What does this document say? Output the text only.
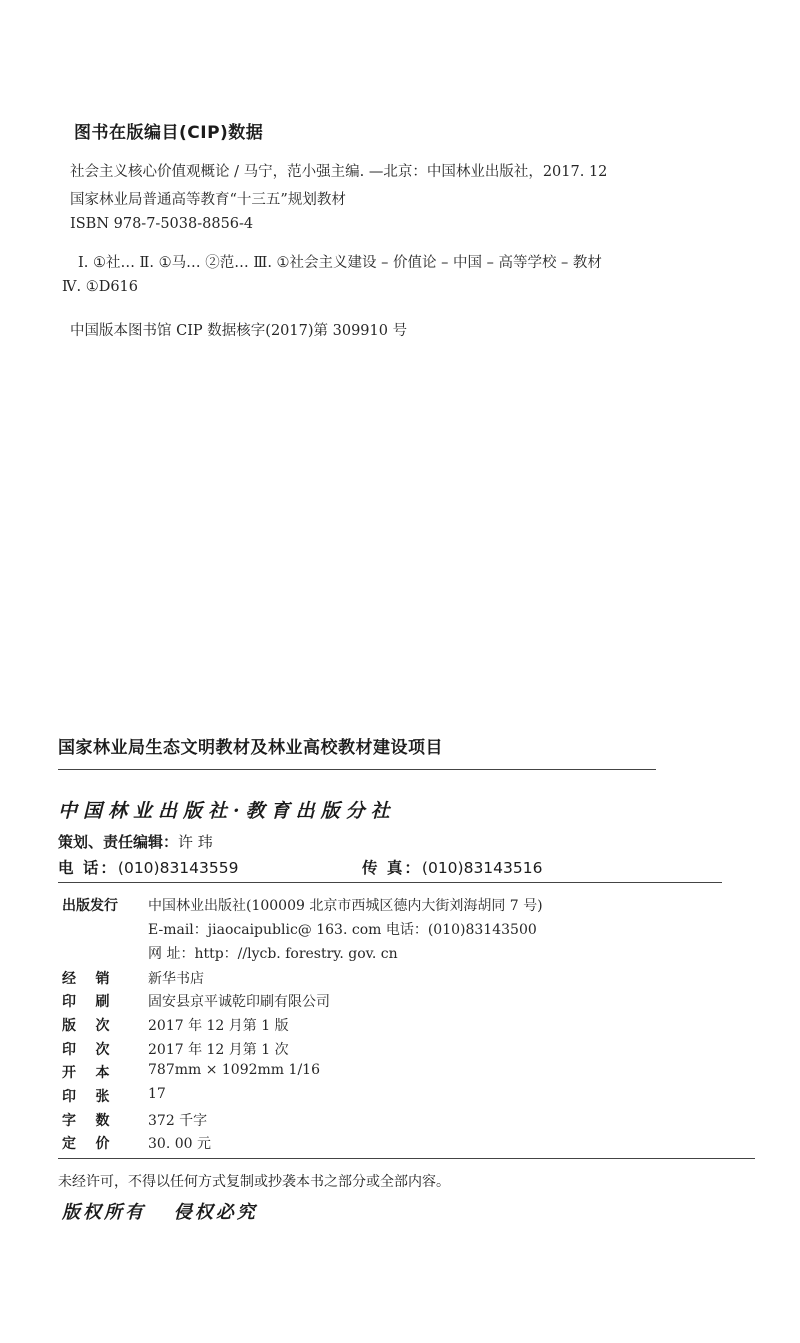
图书在版编目(CIP)数据
社会主义核心价值观概论 / 马宁，范小强主编. —北京：中国林业出版社，2017. 12
国家林业局普通高等教育“十三五”规划教材
ISBN 978-7-5038-8856-4
Ⅰ. ①社… Ⅱ. ①马… ②范… Ⅲ. ①社会主义建设 – 价值论 – 中国 – 高等学校 – 教材
Ⅳ. ①D616
中国版本图书馆 CIP 数据核字(2017)第 309910 号
国家林业局生态文明教材及林业高校教材建设项目
中国林业出版社·教育出版分社
策划、责任编辑：许 玮
电 话：(010)83143559	传 真：(010)83143516
出版发行 中国林业出版社(100009 北京市西城区德内大街刘海胡同 7 号)
E-mail：jiaocaipublic@ 163. com 电话：(010)83143500
网 址：http：//lycb. forestry. gov. cn
经    销	新华书店
印    刷	固安县京平诚乾印刷有限公司
版    次	2017 年 12 月第 1 版
印    次	2017 年 12 月第 1 次
开    本	787mm × 1092mm 1/16
印    张	17
字    数	372 千字
定    价	30. 00 元
未经许可，不得以任何方式复制或抄袭本书之部分或全部内容。
版权所有   侵权必究
